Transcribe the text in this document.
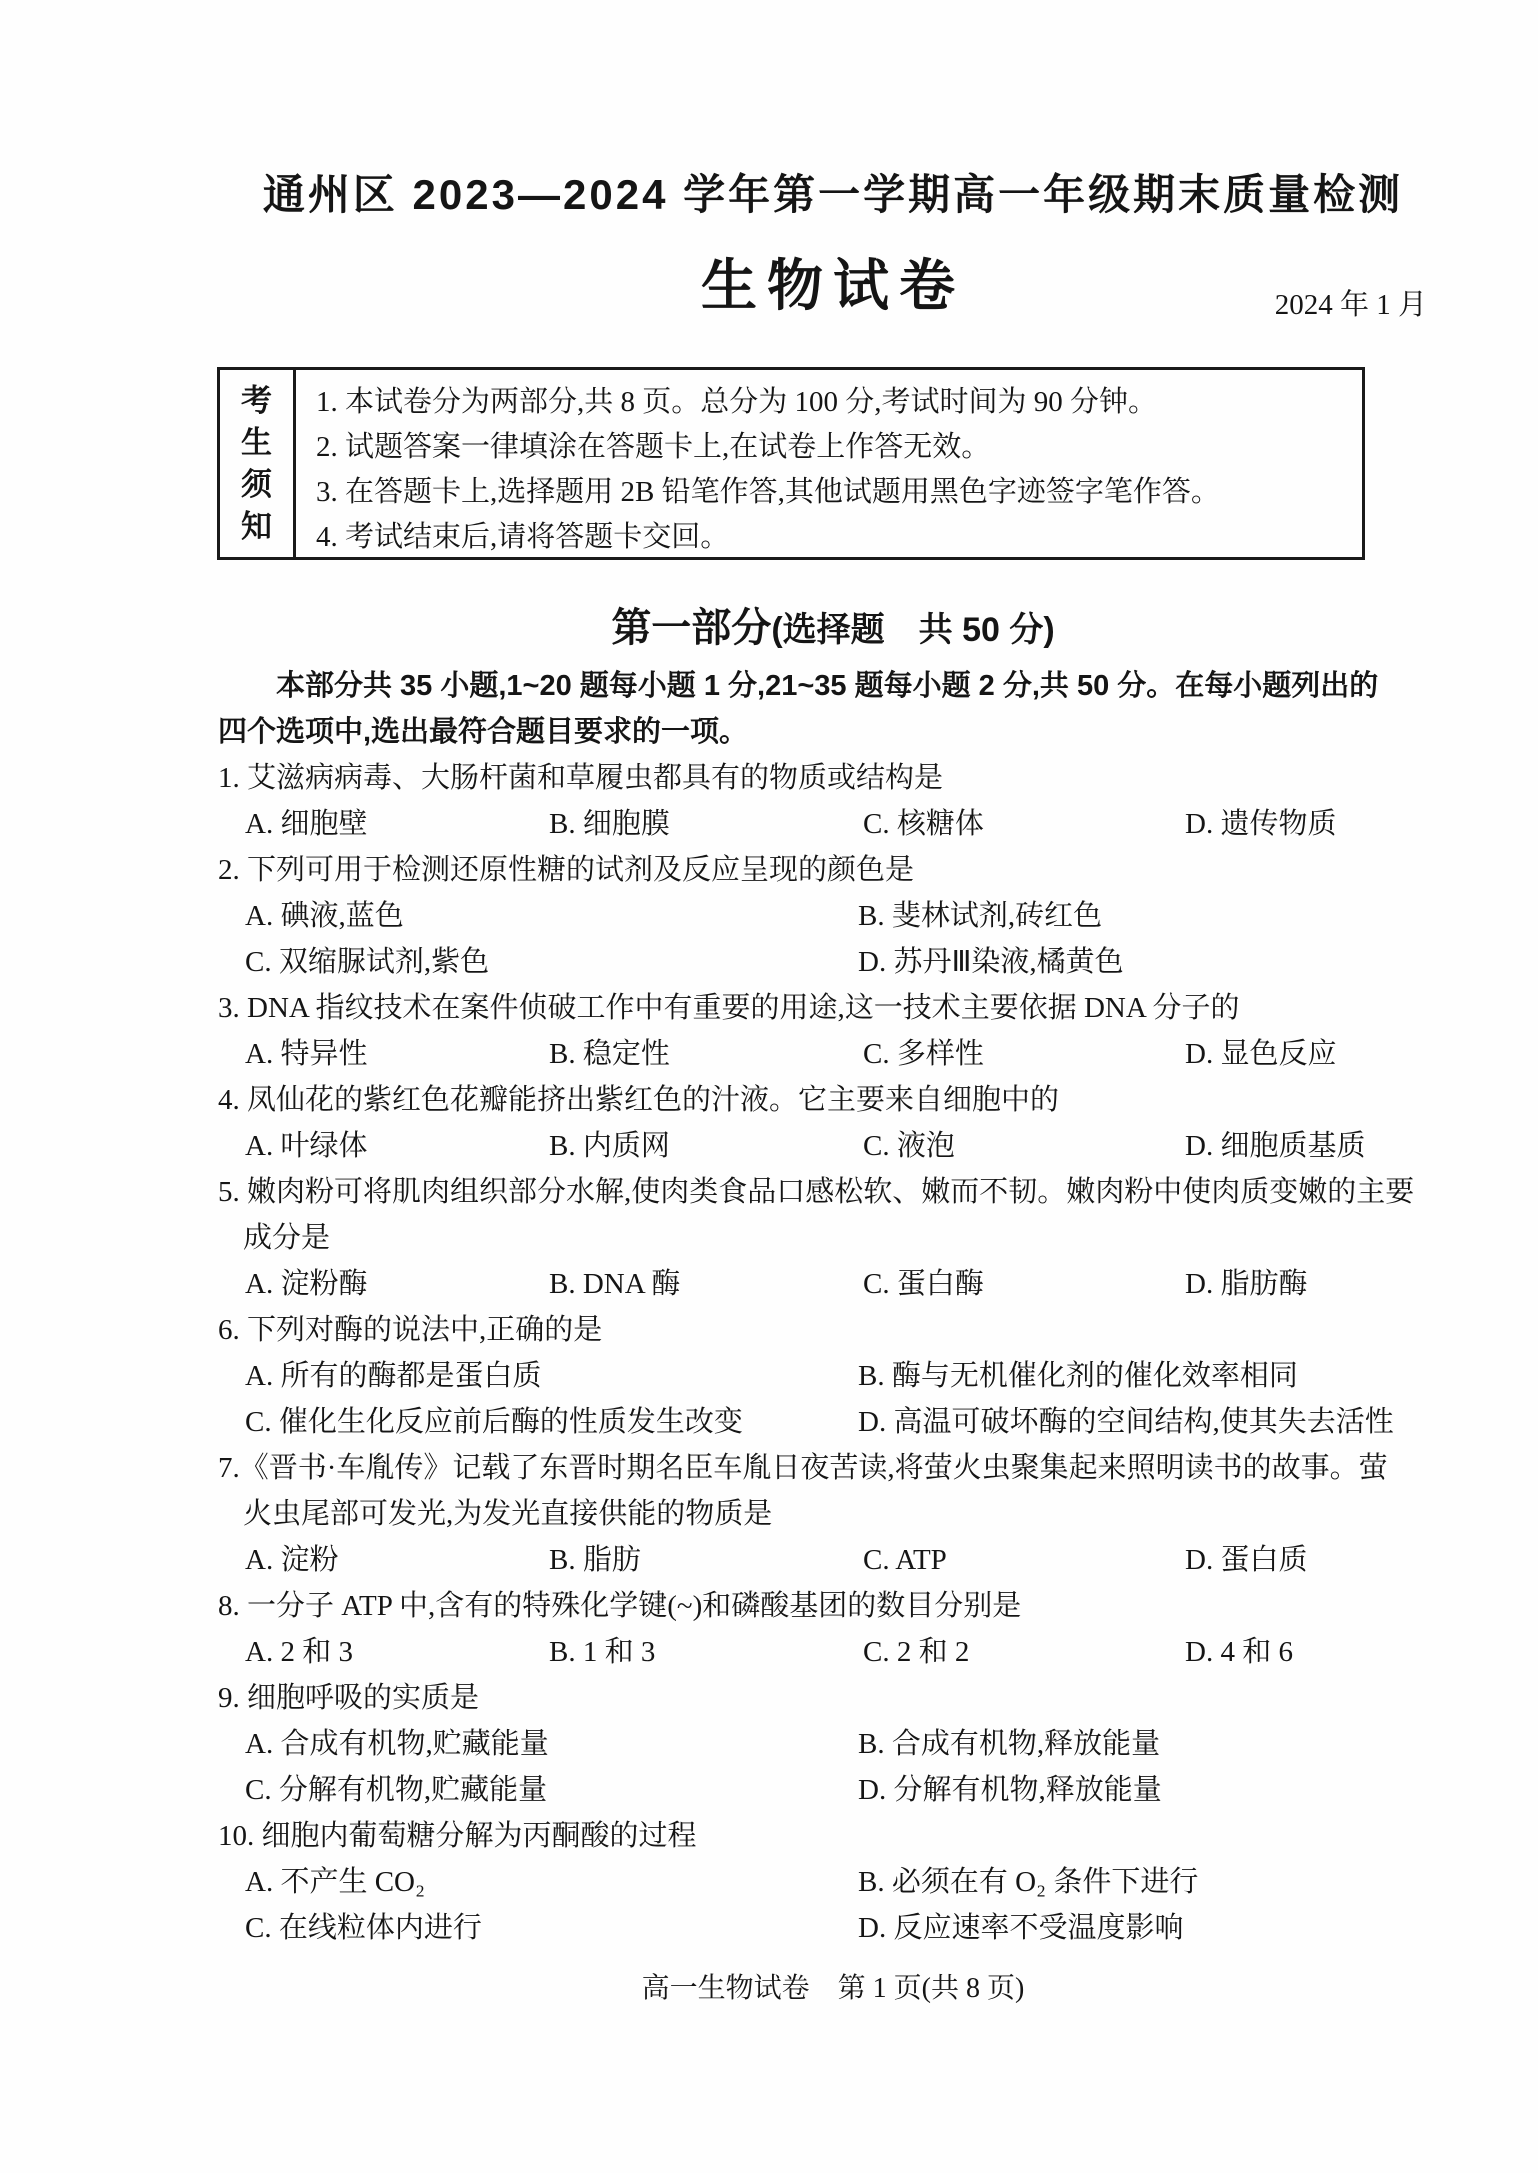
通州区 2023—2024 学年第一学期高一年级期末质量检测
生物试卷	2024 年 1 月
考
生
须
知
1. 本试卷分为两部分,共 8 页。总分为 100 分,考试时间为 90 分钟。
2. 试题答案一律填涂在答题卡上,在试卷上作答无效。
3. 在答题卡上,选择题用 2B 铅笔作答,其他试题用黑色字迹签字笔作答。
4. 考试结束后,请将答题卡交回。
第一部分(选择题　共 50 分)
本部分共 35 小题,1~20 题每小题 1 分,21~35 题每小题 2 分,共 50 分。在每小题列出的
四个选项中,选出最符合题目要求的一项。
1. 艾滋病病毒、大肠杆菌和草履虫都具有的物质或结构是
A. 细胞壁	B. 细胞膜	C. 核糖体	D. 遗传物质
2. 下列可用于检测还原性糖的试剂及反应呈现的颜色是
A. 碘液,蓝色	B. 斐林试剂,砖红色
C. 双缩脲试剂,紫色	D. 苏丹Ⅲ染液,橘黄色
3. DNA 指纹技术在案件侦破工作中有重要的用途,这一技术主要依据 DNA 分子的
A. 特异性	B. 稳定性	C. 多样性	D. 显色反应
4. 凤仙花的紫红色花瓣能挤出紫红色的汁液。它主要来自细胞中的
A. 叶绿体	B. 内质网	C. 液泡	D. 细胞质基质
5. 嫩肉粉可将肌肉组织部分水解,使肉类食品口感松软、嫩而不韧。嫩肉粉中使肉质变嫩的主要
成分是
A. 淀粉酶	B. DNA 酶	C. 蛋白酶	D. 脂肪酶
6. 下列对酶的说法中,正确的是
A. 所有的酶都是蛋白质	B. 酶与无机催化剂的催化效率相同
C. 催化生化反应前后酶的性质发生改变	D. 高温可破坏酶的空间结构,使其失去活性
7.《晋书·车胤传》记载了东晋时期名臣车胤日夜苦读,将萤火虫聚集起来照明读书的故事。萤
火虫尾部可发光,为发光直接供能的物质是
A. 淀粉	B. 脂肪	C. ATP	D. 蛋白质
8. 一分子 ATP 中,含有的特殊化学键(~)和磷酸基团的数目分别是
A. 2 和 3	B. 1 和 3	C. 2 和 2	D. 4 和 6
9. 细胞呼吸的实质是
A. 合成有机物,贮藏能量	B. 合成有机物,释放能量
C. 分解有机物,贮藏能量	D. 分解有机物,释放能量
10. 细胞内葡萄糖分解为丙酮酸的过程
A. 不产生 CO₂	B. 必须在有 O₂ 条件下进行
C. 在线粒体内进行	D. 反应速率不受温度影响
高一生物试卷　第 1 页(共 8 页)
